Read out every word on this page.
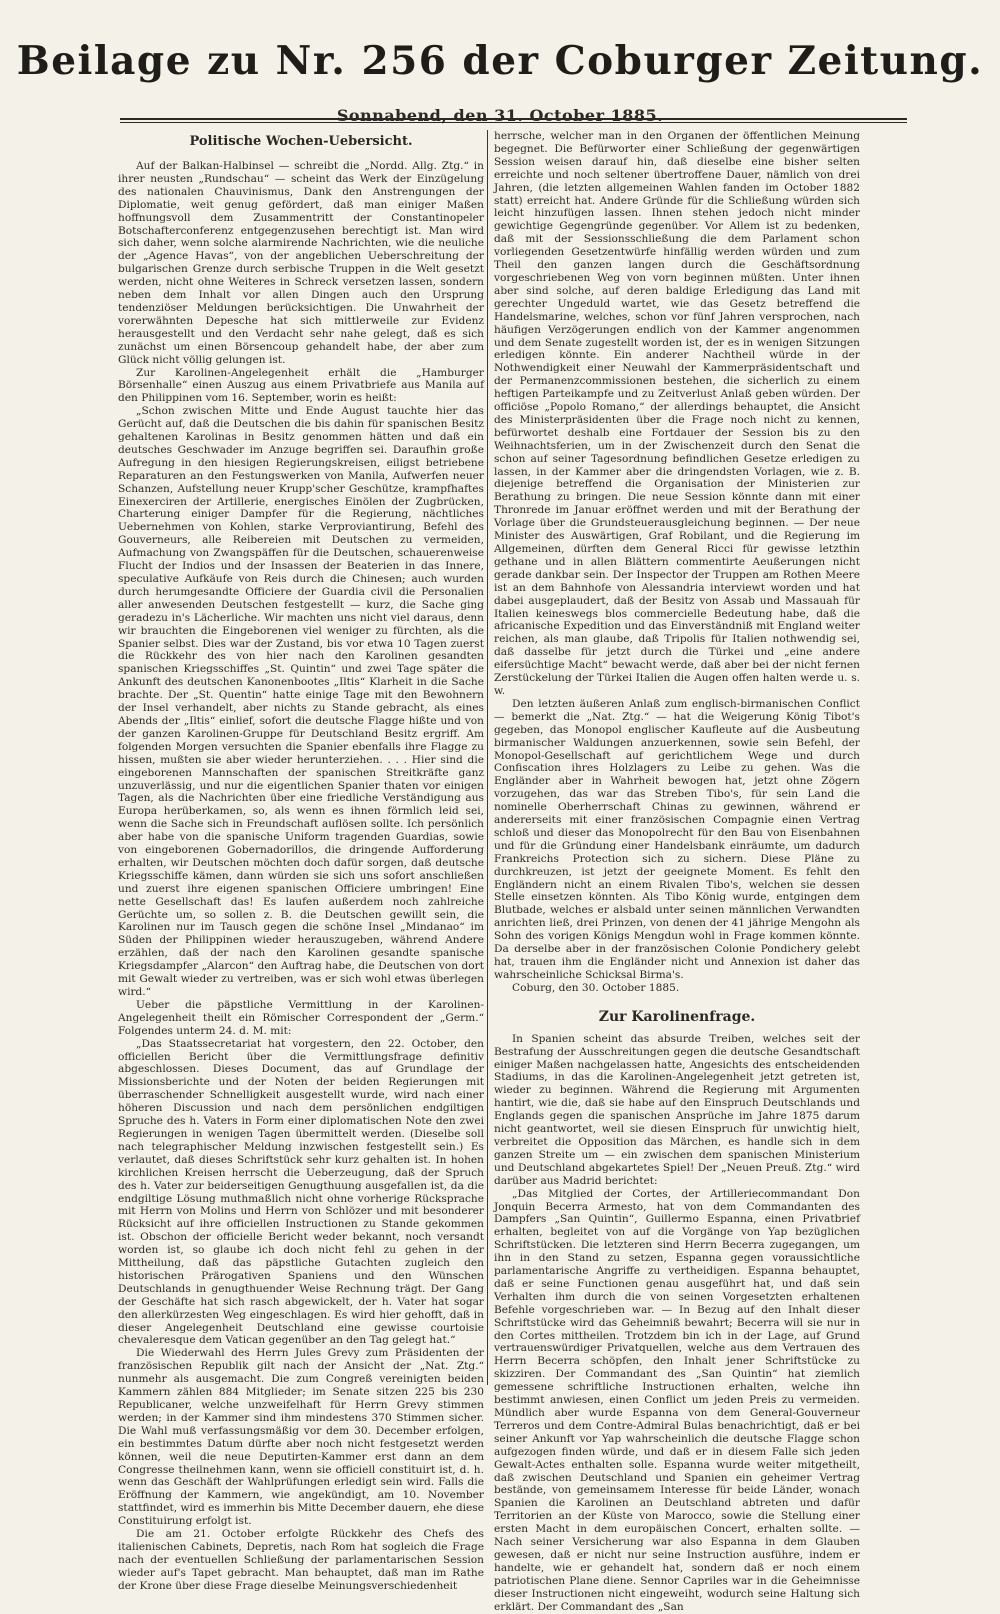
Beilage zu Nr. 256 der Coburger Zeitung.
Sonnabend, den 31. October 1885.
Politische Wochen-Uebersicht.

Auf der Balkan-Halbinsel — schreibt die „Nordd. Allg. Ztg.“ in ihrer neusten „Rundschau“ — scheint das Werk der Einzügelung des nationalen Chauvinismus, Dank den Anstrengungen der Diplomatie, weit genug gefördert, daß man einiger Maßen hoffnungsvoll dem Zusammentritt der Constantinopeler Botschafterconferenz entgegenzusehen berechtigt ist. Man wird sich daher, wenn solche alarmirende Nachrichten, wie die neuliche der „Agence Havas“, von der angeblichen Ueberschreitung der bulgarischen Grenze durch serbische Truppen in die Welt gesetzt werden, nicht ohne Weiteres in Schreck versetzen lassen, sondern neben dem Inhalt vor allen Dingen auch den Ursprung tendenziöser Meldungen berücksichtigen. Die Unwahrheit der vorerwähnten Depesche hat sich mittlerweile zur Evidenz herausgestellt und den Verdacht sehr nahe gelegt, daß es sich zunächst um einen Börsencoup gehandelt habe, der aber zum Glück nicht völlig gelungen ist.

Zur Karolinen-Angelegenheit erhält die „Hamburger Börsenhalle“ einen Auszug aus einem Privatbriefe aus Manila auf den Philippinen vom 16. September, worin es heißt:

„Schon zwischen Mitte und Ende August tauchte hier das Gerücht auf, daß die Deutschen die bis dahin für spanischen Besitz gehaltenen Karolinas in Besitz genommen hätten und daß ein deutsches Geschwader im Anzuge begriffen sei. Daraufhin große Aufregung in den hiesigen Regierungskreisen, eiligst betriebene Reparaturen an den Festungswerken von Manila, Aufwerfen neuer Schanzen, Aufstellung neuer Krupp'scher Geschütze, krampfhaftes Einexerciren der Artillerie, energisches Einölen der Zugbrücken, Charterung einiger Dampfer für die Regierung, nächtliches Uebernehmen von Kohlen, starke Verproviantirung, Befehl des Gouverneurs, alle Reibereien mit Deutschen zu vermeiden, Aufmachung von Zwangspäffen für die Deutschen, schauerenweise Flucht der Indios und der Insassen der Beaterien in das Innere, speculative Aufkäufe von Reis durch die Chinesen; auch wurden durch herumgesandte Officiere der Guardia civil die Personalien aller anwesenden Deutschen festgestellt — kurz, die Sache ging geradezu in's Lächerliche. Wir machten uns nicht viel daraus, denn wir brauchten die Eingeborenen viel weniger zu fürchten, als die Spanier selbst. Dies war der Zustand, bis vor etwa 10 Tagen zuerst die Rückkehr des von hier nach den Karolinen gesandten spanischen Kriegsschiffes „St. Quintin“ und zwei Tage später die Ankunft des deutschen Kanonenbootes „Iltis“ Klarheit in die Sache brachte. Der „St. Quentin“ hatte einige Tage mit den Bewohnern der Insel verhandelt, aber nichts zu Stande gebracht, als eines Abends der „Iltis“ einlief, sofort die deutsche Flagge hißte und von der ganzen Karolinen-Gruppe für Deutschland Besitz ergriff. Am folgenden Morgen versuchten die Spanier ebenfalls ihre Flagge zu hissen, mußten sie aber wieder herunterziehen. . . . Hier sind die eingeborenen Mannschaften der spanischen Streitkräfte ganz unzuverlässig, und nur die eigentlichen Spanier thaten vor einigen Tagen, als die Nachrichten über eine friedliche Verständigung aus Europa herüberkamen, so, als wenn es ihnen förmlich leid sei, wenn die Sache sich in Freundschaft auflösen sollte. Ich persönlich aber habe von die spanische Uniform tragenden Guardias, sowie von eingeborenen Gobernadorillos, die dringende Aufforderung erhalten, wir Deutschen möchten doch dafür sorgen, daß deutsche Kriegsschiffe kämen, dann würden sie sich uns sofort anschließen und zuerst ihre eigenen spanischen Officiere umbringen! Eine nette Gesellschaft das! Es laufen außerdem noch zahlreiche Gerüchte um, so sollen z. B. die Deutschen gewillt sein, die Karolinen nur im Tausch gegen die schöne Insel „Mindanao“ im Süden der Philippinen wieder herauszugeben, während Andere erzählen, daß der nach den Karolinen gesandte spanische Kriegsdampfer „Alarcon“ den Auftrag habe, die Deutschen von dort mit Gewalt wieder zu vertreiben, was er sich wohl etwas überlegen wird.“

Ueber die päpstliche Vermittlung in der Karolinen-Angelegenheit theilt ein Römischer Correspondent der „Germ.“ Folgendes unterm 24. d. M. mit:

„Das Staatssecretariat hat vorgestern, den 22. October, den officiellen Bericht über die Vermittlungsfrage definitiv abgeschlossen. Dieses Document, das auf Grundlage der Missionsberichte und der Noten der beiden Regierungen mit überraschender Schnelligkeit ausgestellt wurde, wird nach einer höheren Discussion und nach dem persönlichen endgiltigen Spruche des h. Vaters in Form einer diplomatischen Note den zwei Regierungen in wenigen Tagen übermittelt werden. (Dieselbe soll nach telegraphischer Meldung inzwischen festgestellt sein.) Es verlautet, daß dieses Schriftstück sehr kurz gehalten ist. In hohen kirchlichen Kreisen herrscht die Ueberzeugung, daß der Spruch des h. Vater zur beiderseitigen Genugthuung ausgefallen ist, da die endgiltige Lösung muthmaßlich nicht ohne vorherige Rücksprache mit Herrn von Molins und Herrn von Schlözer und mit besonderer Rücksicht auf ihre officiellen Instructionen zu Stande gekommen ist. Obschon der officielle Bericht weder bekannt, noch versandt worden ist, so glaube ich doch nicht fehl zu gehen in der Mittheilung, daß das päpstliche Gutachten zugleich den historischen Prärogativen Spaniens und den Wünschen Deutschlands in genugthuender Weise Rechnung trägt. Der Gang der Geschäfte hat sich rasch abgewickelt, der h. Vater hat sogar den allerkürzesten Weg eingeschlagen. Es wird hier gehofft, daß in dieser Angelegenheit Deutschland eine gewisse courtoisie chevaleresque dem Vatican gegenüber an den Tag gelegt hat.“

Die Wiederwahl des Herrn Jules Grevy zum Präsidenten der französischen Republik gilt nach der Ansicht der „Nat. Ztg.“ nunmehr als ausgemacht. Die zum Congreß vereinigten beiden Kammern zählen 884 Mitglieder; im Senate sitzen 225 bis 230 Republicaner, welche unzweifelhaft für Herrn Grevy stimmen werden; in der Kammer sind ihm mindestens 370 Stimmen sicher. Die Wahl muß verfassungsmäßig vor dem 30. December erfolgen, ein bestimmtes Datum dürfte aber noch nicht festgesetzt werden können, weil die neue Deputirten-Kammer erst dann an dem Congresse theilnehmen kann, wenn sie officiell constituirt ist, d. h. wenn das Geschäft der Wahlprüfungen erledigt sein wird. Falls die Eröffnung der Kammern, wie angekündigt, am 10. November stattfindet, wird es immerhin bis Mitte December dauern, ehe diese Constituirung erfolgt ist.

Die am 21. October erfolgte Rückkehr des Chefs des italienischen Cabinets, Depretis, nach Rom hat sogleich die Frage nach der eventuellen Schließung der parlamentarischen Session wieder auf's Tapet gebracht. Man behauptet, daß man im Rathe der Krone über diese Frage dieselbe Meinungsverschiedenheit

herrsche, welcher man in den Organen der öffentlichen Meinung begegnet. Die Befürworter einer Schließung der gegenwärtigen Session weisen darauf hin, daß dieselbe eine bisher selten erreichte und noch seltener übertroffene Dauer, nämlich von drei Jahren, (die letzten allgemeinen Wahlen fanden im October 1882 statt) erreicht hat. Andere Gründe für die Schließung würden sich leicht hinzufügen lassen. Ihnen stehen jedoch nicht minder gewichtige Gegengründe gegenüber. Vor Allem ist zu bedenken, daß mit der Sessionsschließung die dem Parlament schon vorliegenden Gesetzentwürfe hinfällig werden würden und zum Theil den ganzen langen durch die Geschäftsordnung vorgeschriebenen Weg von vorn beginnen müßten. Unter ihnen aber sind solche, auf deren baldige Erledigung das Land mit gerechter Ungeduld wartet, wie das Gesetz betreffend die Handelsmarine, welches, schon vor fünf Jahren versprochen, nach häufigen Verzögerungen endlich von der Kammer angenommen und dem Senate zugestellt worden ist, der es in wenigen Sitzungen erledigen könnte. Ein anderer Nachtheil würde in der Nothwendigkeit einer Neuwahl der Kammerpräsidentschaft und der Permanenzcommissionen bestehen, die sicherlich zu einem heftigen Parteikampfe und zu Zeitverlust Anlaß geben würden. Der officiöse „Popolo Romano,“ der allerdings behauptet, die Ansicht des Ministerpräsidenten über die Frage noch nicht zu kennen, befürwortet deshalb eine Fortdauer der Session bis zu den Weihnachtsferien, um in der Zwischenzeit durch den Senat die schon auf seiner Tagesordnung befindlichen Gesetze erledigen zu lassen, in der Kammer aber die dringendsten Vorlagen, wie z. B. diejenige betreffend die Organisation der Ministerien zur Berathung zu bringen. Die neue Session könnte dann mit einer Thronrede im Januar eröffnet werden und mit der Berathung der Vorlage über die Grundsteuerausgleichung beginnen. — Der neue Minister des Auswärtigen, Graf Robilant, und die Regierung im Allgemeinen, dürften dem General Ricci für gewisse letzthin gethane und in allen Blättern commentirte Aeußerungen nicht gerade dankbar sein. Der Inspector der Truppen am Rothen Meere ist an dem Bahnhofe von Alessandria interviewt worden und hat dabei ausgeplaudert, daß der Besitz von Assab und Massauah für Italien keineswegs blos commercielle Bedeutung habe, daß die africanische Expedition und das Einverständniß mit England weiter reichen, als man glaube, daß Tripolis für Italien nothwendig sei, daß dasselbe für jetzt durch die Türkei und „eine andere eifersüchtige Macht“ bewacht werde, daß aber bei der nicht fernen Zerstückelung der Türkei Italien die Augen offen halten werde u. s. w.

Den letzten äußeren Anlaß zum englisch-birmanischen Conflict — bemerkt die „Nat. Ztg.“ — hat die Weigerung König Tibot's gegeben, das Monopol englischer Kaufleute auf die Ausbeutung birmanischer Waldungen anzuerkennen, sowie sein Befehl, der Monopol-Gesellschaft auf gerichtlichem Wege und durch Confiscation ihres Holzlagers zu Leibe zu gehen. Was die Engländer aber in Wahrheit bewogen hat, jetzt ohne Zögern vorzugehen, das war das Streben Tibo's, für sein Land die nominelle Oberherrschaft Chinas zu gewinnen, während er andererseits mit einer französischen Compagnie einen Vertrag schloß und dieser das Monopolrecht für den Bau von Eisenbahnen und für die Gründung einer Handelsbank einräumte, um dadurch Frankreichs Protection sich zu sichern. Diese Pläne zu durchkreuzen, ist jetzt der geeignete Moment. Es fehlt den Engländern nicht an einem Rivalen Tibo's, welchen sie dessen Stelle einsetzen könnten. Als Tibo König wurde, entgingen dem Blutbade, welches er alsbald unter seinen männlichen Verwandten anrichten ließ, drei Prinzen, von denen der 41 jährige Mengohn als Sohn des vorigen Königs Mengdun wohl in Frage kommen könnte. Da derselbe aber in der französischen Colonie Pondichery gelebt hat, trauen ihm die Engländer nicht und Annexion ist daher das wahrscheinliche Schicksal Birma's.

Coburg, den 30. October 1885.

Zur Karolinenfrage.

In Spanien scheint das absurde Treiben, welches seit der Bestrafung der Ausschreitungen gegen die deutsche Gesandtschaft einiger Maßen nachgelassen hatte, Angesichts des entscheidenden Stadiums, in das die Karolinen-Angelegenheit jetzt getreten ist, wieder zu beginnen. Während die Regierung mit Argumenten hantirt, wie die, daß sie habe auf den Einspruch Deutschlands und Englands gegen die spanischen Ansprüche im Jahre 1875 darum nicht geantwortet, weil sie diesen Einspruch für unwichtig hielt, verbreitet die Opposition das Märchen, es handle sich in dem ganzen Streite um — ein zwischen dem spanischen Ministerium und Deutschland abgekartetes Spiel! Der „Neuen Preuß. Ztg.“ wird darüber aus Madrid berichtet:

„Das Mitglied der Cortes, der Artilleriecommandant Don Jonquin Becerra Armesto, hat von dem Commandanten des Dampfers „San Quintin“, Guillermo Espanna, einen Privatbrief erhalten, begleitet von auf die Vorgänge von Yap bezüglichen Schriftstücken. Die letzteren sind Herrn Becerra zugegangen, um ihn in den Stand zu setzen, Espanna gegen voraussichtliche parlamentarische Angriffe zu vertheidigen. Espanna behauptet, daß er seine Functionen genau ausgeführt hat, und daß sein Verhalten ihm durch die von seinen Vorgesetzten erhaltenen Befehle vorgeschrieben war. — In Bezug auf den Inhalt dieser Schriftstücke wird das Geheimniß bewahrt; Becerra will sie nur in den Cortes mittheilen. Trotzdem bin ich in der Lage, auf Grund vertrauenswürdiger Privatquellen, welche aus dem Vertrauen des Herrn Becerra schöpfen, den Inhalt jener Schriftstücke zu skizziren. Der Commandant des „San Quintin“ hat ziemlich gemessene schriftliche Instructionen erhalten, welche ihn bestimmt anwiesen, einen Conflict um jeden Preis zu vermeiden. Mündlich aber wurde Espanna von dem General-Gouverneur Terreros und dem Contre-Admiral Bulas benachrichtigt, daß er bei seiner Ankunft vor Yap wahrscheinlich die deutsche Flagge schon aufgezogen finden würde, und daß er in diesem Falle sich jeden Gewalt-Actes enthalten solle. Espanna wurde weiter mitgetheilt, daß zwischen Deutschland und Spanien ein geheimer Vertrag bestände, von gemeinsamem Interesse für beide Länder, wonach Spanien die Karolinen an Deutschland abtreten und dafür Territorien an der Küste von Marocco, sowie die Stellung einer ersten Macht in dem europäischen Concert, erhalten sollte. — Nach seiner Versicherung war also Espanna in dem Glauben gewesen, daß er nicht nur seine Instruction ausführe, indem er handelte, wie er gehandelt hat, sondern daß er noch einem patriotischen Plane diene. Sennor Capriles war in die Geheimnisse dieser Instructionen nicht eingeweiht, wodurch seine Haltung sich erklärt. Der Commandant des „San
